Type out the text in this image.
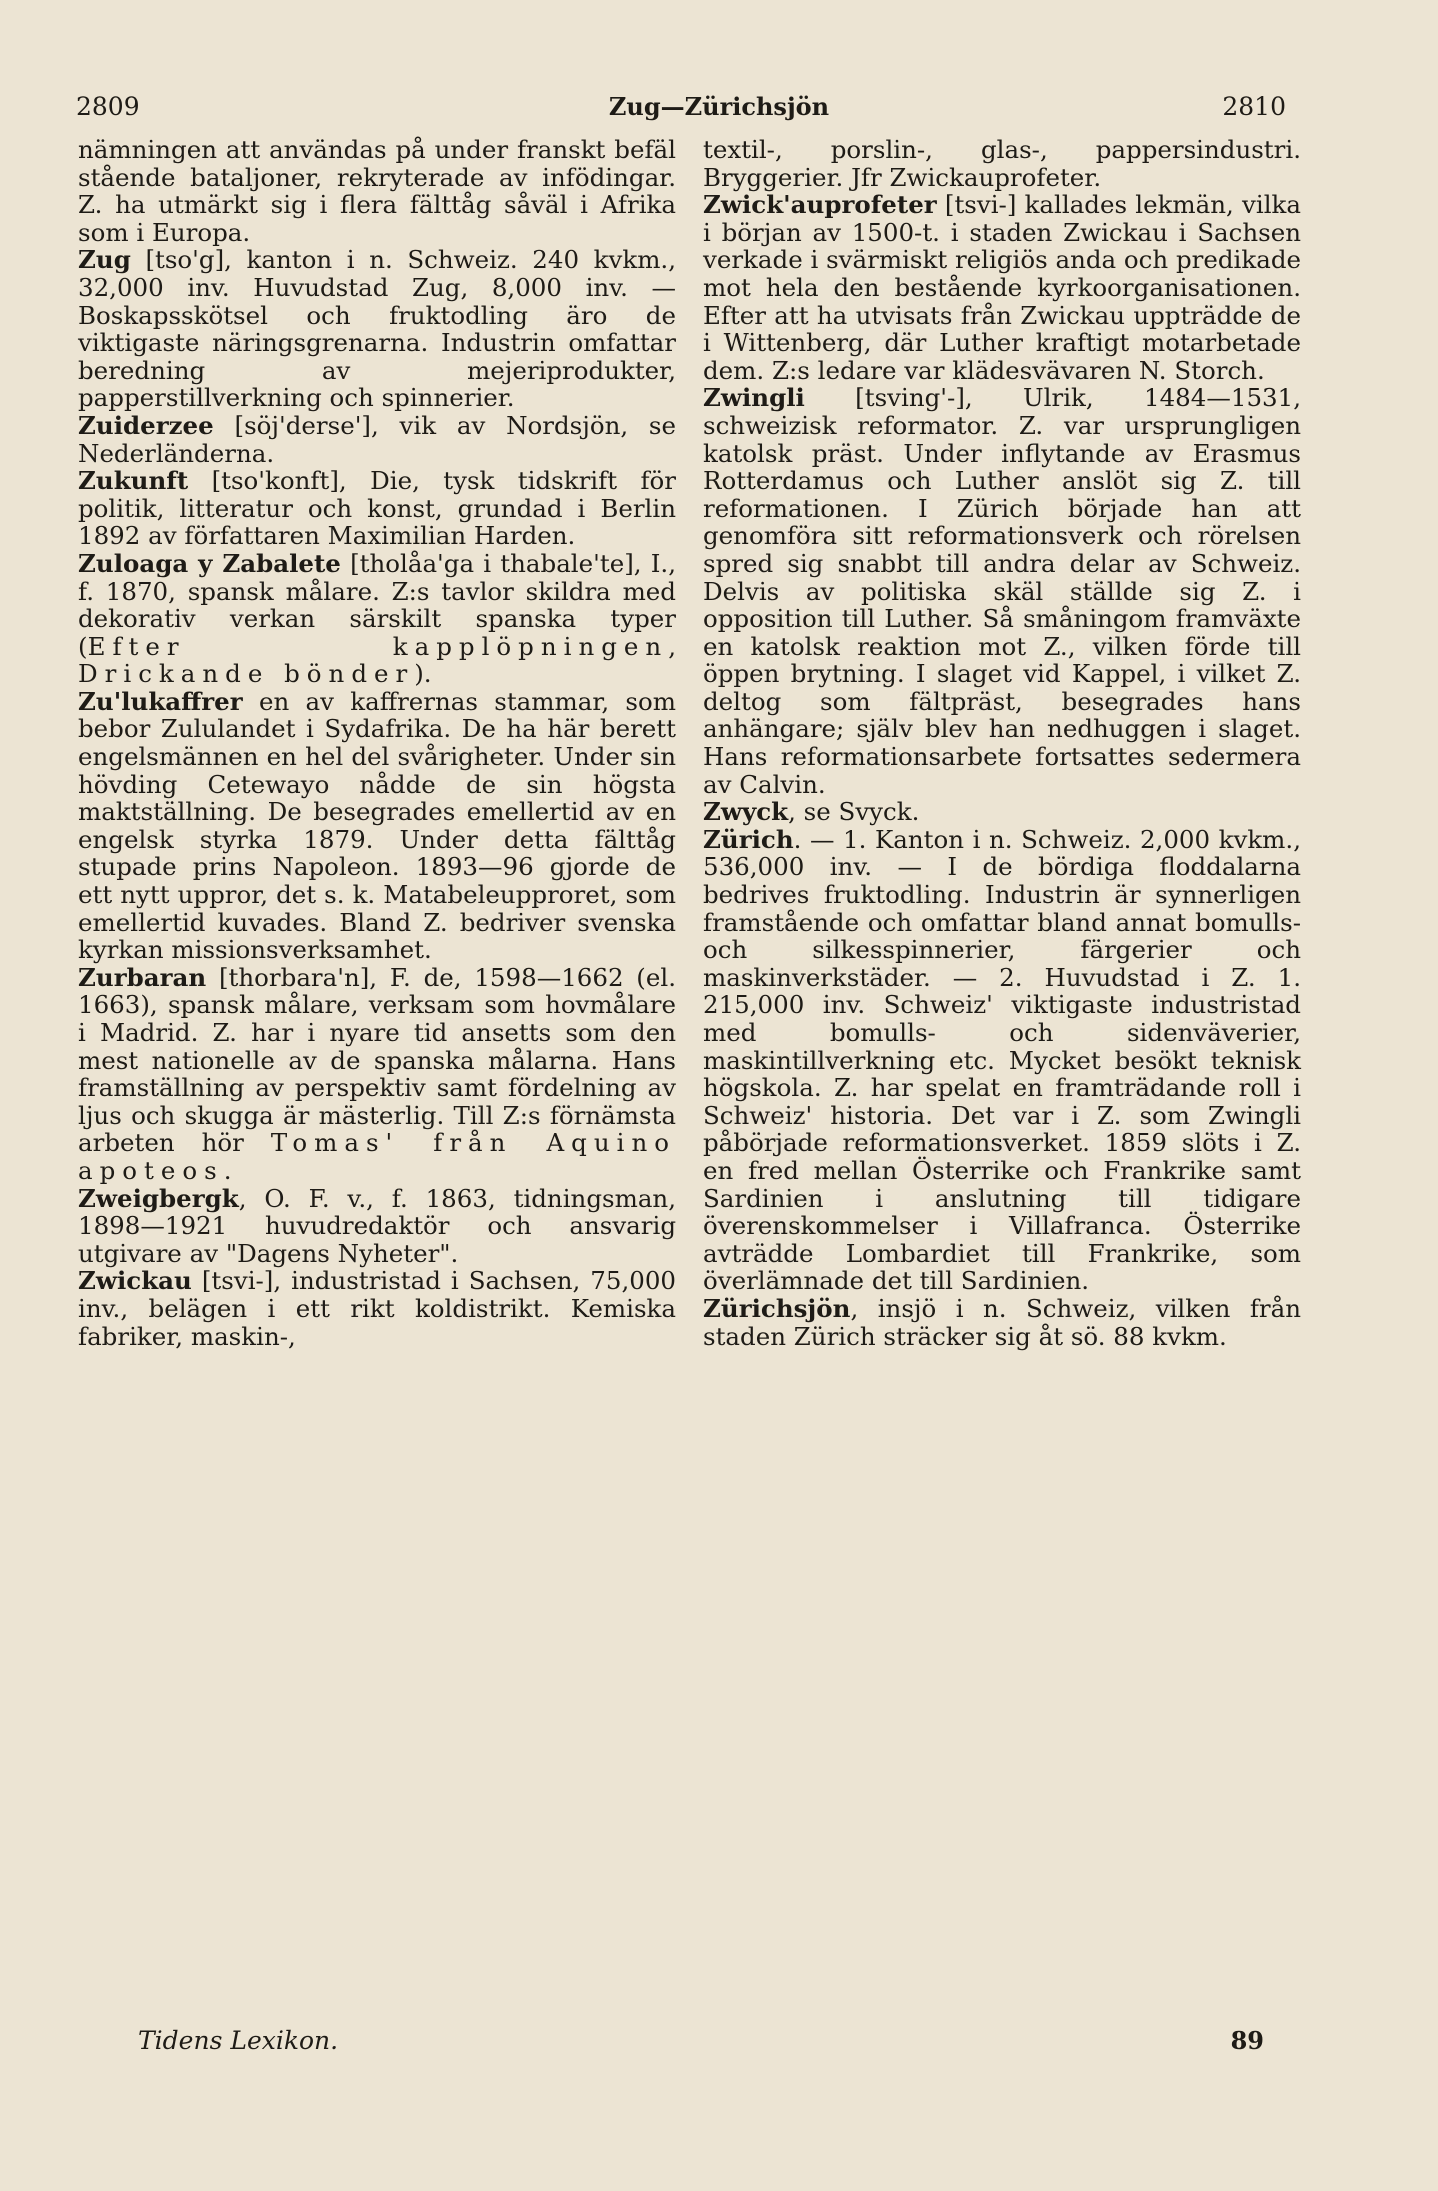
2809	Zug—Zürichsjön	2810

nämningen att användas på under franskt befäl stående bataljoner, rekryterade av infödingar. Z. ha utmärkt sig i flera fälttåg såväl i Afrika som i Europa.

Zug [tso'g], kanton i n. Schweiz. 240 kvkm., 32,000 inv. Huvudstad Zug, 8,000 inv. — Boskapsskötsel och fruktodling äro de viktigaste näringsgrenarna. Industrin omfattar beredning av mejeriprodukter, papperstillverkning och spinnerier.

Zuiderzee [söj'derse'], vik av Nordsjön, se Nederländerna.

Zukunft [tso'konft], Die, tysk tidskrift för politik, litteratur och konst, grundad i Berlin 1892 av författaren Maximilian Harden.

Zuloaga y Zabalete [tholåa'ga i thabale'te], I., f. 1870, spansk målare. Z:s tavlor skildra med dekorativ verkan särskilt spanska typer (Efter kapplöpningen, Drickande bönder).

Zu'lukaffrer en av kaffrernas stammar, som bebor Zululandet i Sydafrika. De ha här berett engelsmännen en hel del svårigheter. Under sin hövding Cetewayo nådde de sin högsta maktställning. De besegrades emellertid av en engelsk styrka 1879. Under detta fälttåg stupade prins Napoleon. 1893—96 gjorde de ett nytt uppror, det s. k. Matabeleupproret, som emellertid kuvades. Bland Z. bedriver svenska kyrkan missionsverksamhet.

Zurbaran [thorbara'n], F. de, 1598—1662 (el. 1663), spansk målare, verksam som hovmålare i Madrid. Z. har i nyare tid ansetts som den mest nationelle av de spanska målarna. Hans framställning av perspektiv samt fördelning av ljus och skugga är mästerlig. Till Z:s förnämsta arbeten hör Tomas' från Aquino apoteos.

Zweigbergk, O. F. v., f. 1863, tidningsman, 1898—1921 huvudredaktör och ansvarig utgivare av "Dagens Nyheter".

Zwickau [tsvi-], industristad i Sachsen, 75,000 inv., belägen i ett rikt koldistrikt. Kemiska fabriker, maskin-,

textil-, porslin-, glas-, pappersindustri. Bryggerier. Jfr Zwickauprofeter.

Zwick'auprofeter [tsvi-] kallades lekmän, vilka i början av 1500-t. i staden Zwickau i Sachsen verkade i svärmiskt religiös anda och predikade mot hela den bestående kyrkoorganisationen. Efter att ha utvisats från Zwickau uppträdde de i Wittenberg, där Luther kraftigt motarbetade dem. Z:s ledare var klädesvävaren N. Storch.

Zwingli [tsving'-], Ulrik, 1484—1531, schweizisk reformator. Z. var ursprungligen katolsk präst. Under inflytande av Erasmus Rotterdamus och Luther anslöt sig Z. till reformationen. I Zürich började han att genomföra sitt reformationsverk och rörelsen spred sig snabbt till andra delar av Schweiz. Delvis av politiska skäl ställde sig Z. i opposition till Luther. Så småningom framväxte en katolsk reaktion mot Z., vilken förde till öppen brytning. I slaget vid Kappel, i vilket Z. deltog som fältpräst, besegrades hans anhängare; själv blev han nedhuggen i slaget. Hans reformationsarbete fortsattes sedermera av Calvin.

Zwyck, se Svyck.

Zürich. — 1. Kanton i n. Schweiz. 2,000 kvkm., 536,000 inv. — I de bördiga floddalarna bedrives fruktodling. Industrin är synnerligen framstående och omfattar bland annat bomulls- och silkesspinnerier, färgerier och maskinverkstäder. — 2. Huvudstad i Z. 1. 215,000 inv. Schweiz' viktigaste industristad med bomulls- och sidenväverier, maskintillverkning etc. Mycket besökt teknisk högskola. Z. har spelat en framträdande roll i Schweiz' historia. Det var i Z. som Zwingli påbörjade reformationsverket. 1859 slöts i Z. en fred mellan Österrike och Frankrike samt Sardinien i anslutning till tidigare överenskommelser i Villafranca. Österrike avträdde Lombardiet till Frankrike, som överlämnade det till Sardinien.

Zürichsjön, insjö i n. Schweiz, vilken från staden Zürich sträcker sig åt sö. 88 kvkm.

Tidens Lexikon.	89
